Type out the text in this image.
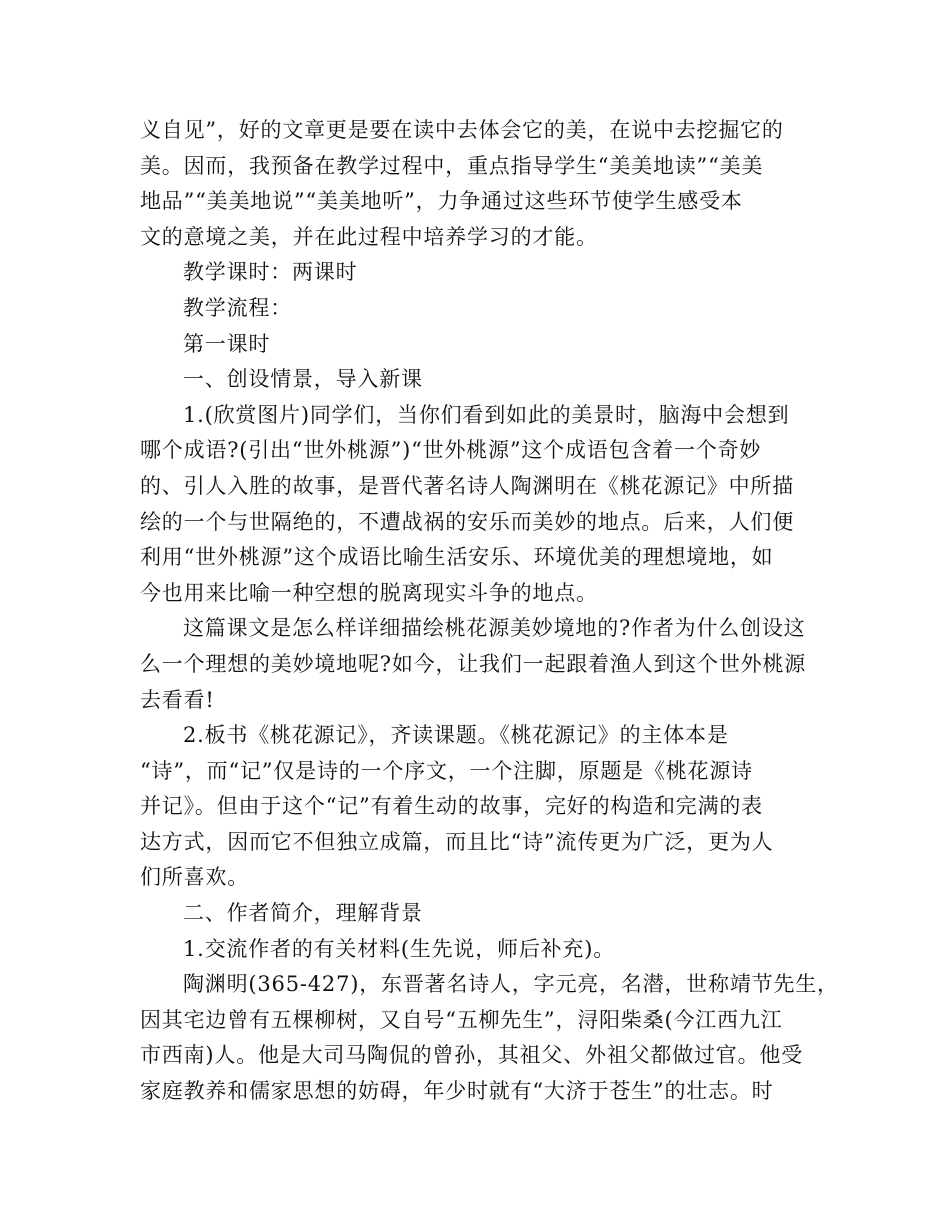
义自见”，好的文章更是要在读中去体会它的美，在说中去挖掘它的
美。因而，我预备在教学过程中，重点指导学生“美美地读”“美美
地品”“美美地说”“美美地听”，力争通过这些环节使学生感受本
文的意境之美，并在此过程中培养学习的才能。
教学课时：两课时
教学流程：
第一课时
一、创设情景，导入新课
1.(欣赏图片)同学们，当你们看到如此的美景时，脑海中会想到
哪个成语?(引出“世外桃源”)“世外桃源”这个成语包含着一个奇妙
的、引人入胜的故事，是晋代著名诗人陶渊明在《桃花源记》中所描
绘的一个与世隔绝的，不遭战祸的安乐而美妙的地点。后来，人们便
利用“世外桃源”这个成语比喻生活安乐、环境优美的理想境地，如
今也用来比喻一种空想的脱离现实斗争的地点。
这篇课文是怎么样详细描绘桃花源美妙境地的?作者为什么创设这
么一个理想的美妙境地呢?如今，让我们一起跟着渔人到这个世外桃源
去看看!
2.板书《桃花源记》，齐读课题。《桃花源记》的主体本是
“诗”，而“记”仅是诗的一个序文，一个注脚，原题是《桃花源诗
并记》。但由于这个“记”有着生动的故事，完好的构造和完满的表
达方式，因而它不但独立成篇，而且比“诗”流传更为广泛，更为人
们所喜欢。
二、作者简介，理解背景
1.交流作者的有关材料(生先说，师后补充)。
陶渊明(365-427)，东晋著名诗人，字元亮，名潜，世称靖节先生，
因其宅边曾有五棵柳树，又自号“五柳先生”，浔阳柴桑(今江西九江
市西南)人。他是大司马陶侃的曾孙，其祖父、外祖父都做过官。他受
家庭教养和儒家思想的妨碍，年少时就有“大济于苍生”的壮志。时
